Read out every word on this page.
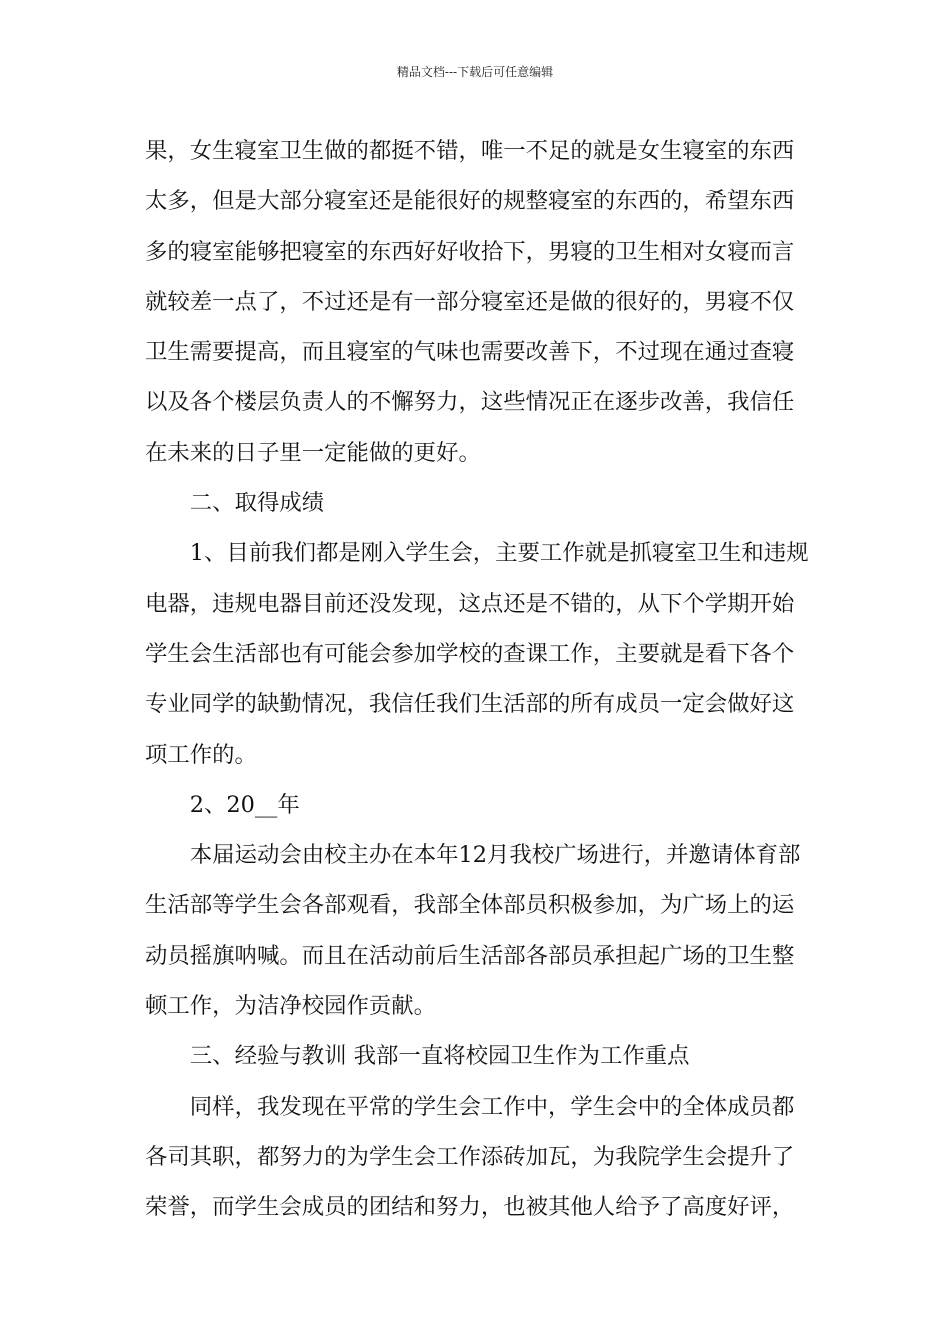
精品文档---下载后可任意编辑
果，女生寝室卫生做的都挺不错，唯一不足的就是女生寝室的东西
太多，但是大部分寝室还是能很好的规整寝室的东西的，希望东西
多的寝室能够把寝室的东西好好收拾下，男寝的卫生相对女寝而言
就较差一点了，不过还是有一部分寝室还是做的很好的，男寝不仅
卫生需要提高，而且寝室的气味也需要改善下，不过现在通过查寝
以及各个楼层负责人的不懈努力，这些情况正在逐步改善，我信任
在未来的日子里一定能做的更好。
二、取得成绩
1、目前我们都是刚入学生会，主要工作就是抓寝室卫生和违规
电器，违规电器目前还没发现，这点还是不错的，从下个学期开始
学生会生活部也有可能会参加学校的查课工作，主要就是看下各个
专业同学的缺勤情况，我信任我们生活部的所有成员一定会做好这
项工作的。
2、20__年
本届运动会由校主办在本年12月我校广场进行，并邀请体育部
生活部等学生会各部观看，我部全体部员积极参加，为广场上的运
动员摇旗呐喊。而且在活动前后生活部各部员承担起广场的卫生整
顿工作，为洁净校园作贡献。
三、经验与教训 我部一直将校园卫生作为工作重点
同样，我发现在平常的学生会工作中，学生会中的全体成员都
各司其职，都努力的为学生会工作添砖加瓦，为我院学生会提升了
荣誉，而学生会成员的团结和努力，也被其他人给予了高度好评，
